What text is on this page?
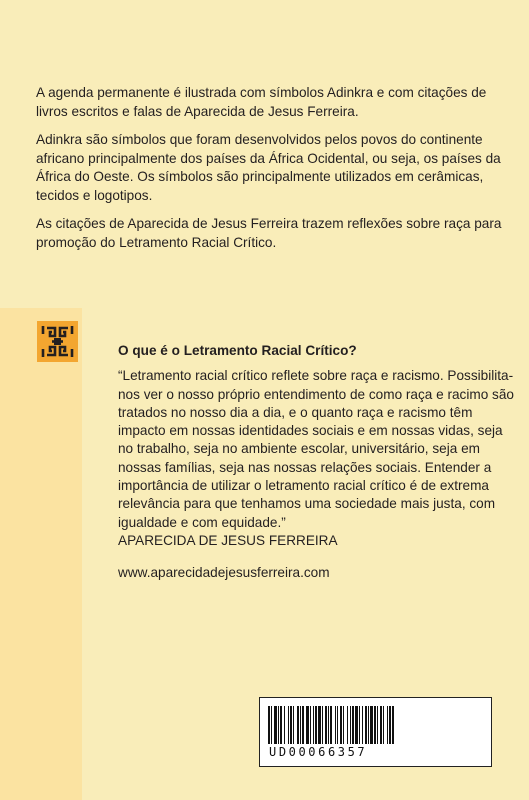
A agenda permanente é ilustrada com símbolos Adinkra e com citações de livros escritos e falas de Aparecida de Jesus Ferreira.

Adinkra são símbolos que foram desenvolvidos pelos povos do continente africano principalmente dos países da África Ocidental, ou seja, os países da África do Oeste. Os símbolos são principalmente utilizados em cerâmicas, tecidos e logotipos.

As citações de Aparecida de Jesus Ferreira trazem reflexões sobre raça para promoção do Letramento Racial Crítico.

O que é o Letramento Racial Crítico?

“Letramento racial crítico reflete sobre raça e racismo. Possibilita-nos ver o nosso próprio entendimento de como raça e racimo são tratados no nosso dia a dia, e o quanto raça e racismo têm impacto em nossas identidades sociais e em nossas vidas, seja no trabalho, seja no ambiente escolar, universitário, seja em nossas famílias, seja nas nossas relações sociais. Entender a importância de utilizar o letramento racial crítico é de extrema relevância para que tenhamos uma sociedade mais justa, com igualdade e com equidade.”

APARECIDA DE JESUS FERREIRA

www.aparecidadejesusferreira.com

UD00066357
